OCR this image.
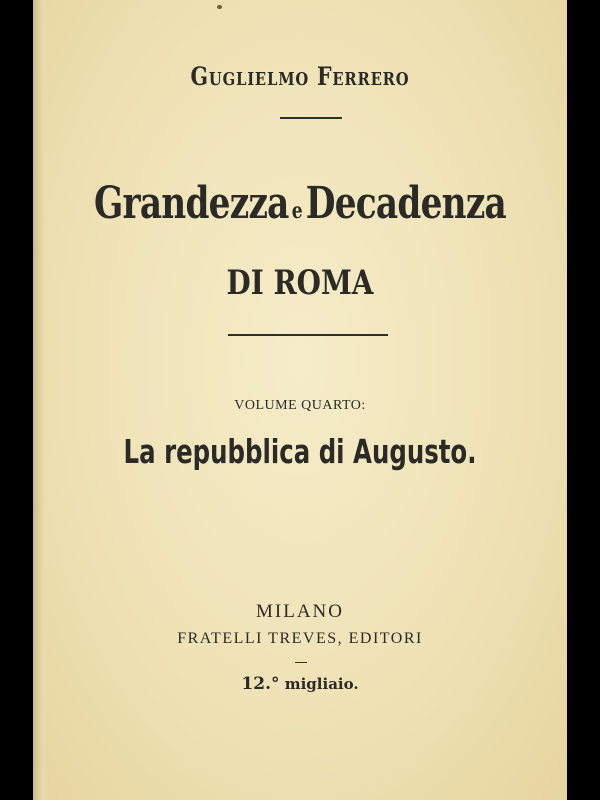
Guglielmo Ferrero
Grandezza eDecadenza
DI ROMA
VOLUME QUARTO:
La repubblica di Augusto.
MILANO
FRATELLI TREVES, EDITORI
12.° migliaio.
